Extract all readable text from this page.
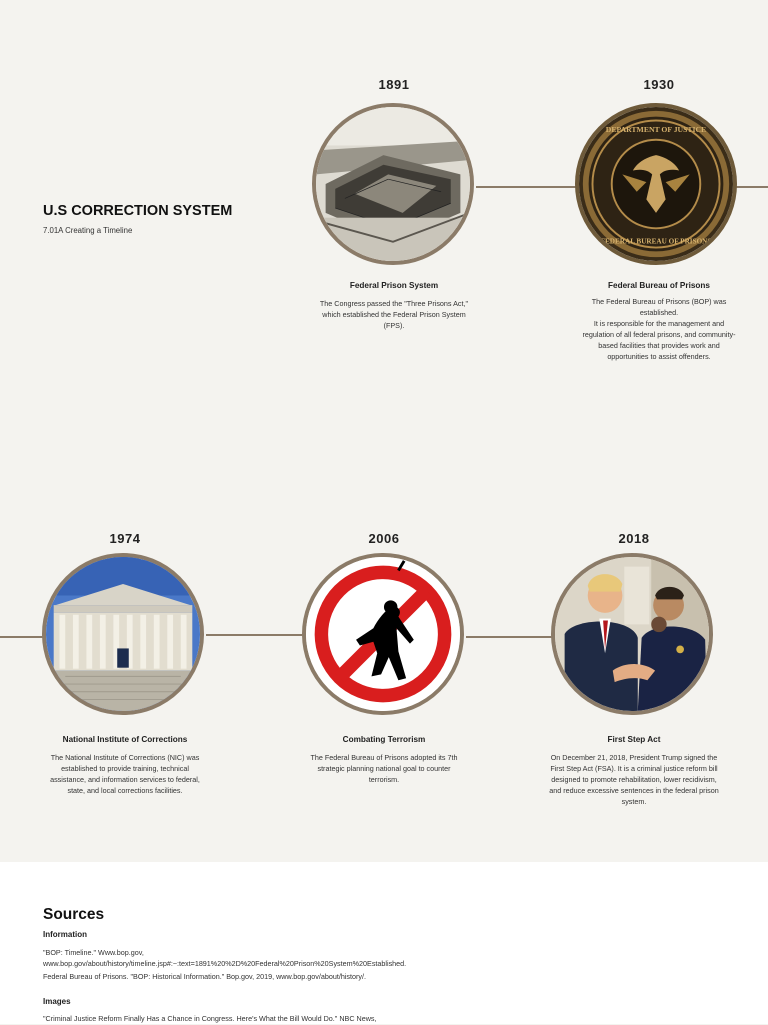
U.S CORRECTION SYSTEM
7.01A Creating a Timeline
1891
Federal Prison System
The Congress passed the "Three Prisons Act," which established the Federal Prison System (FPS).
1930
DEPARTMENT OF JUSTICE
FEDERAL BUREAU OF PRISONS
Federal Bureau of Prisons
The Federal Bureau of Prisons (BOP) was established.
It is responsible for the management and regulation of all federal prisons, and community-based facilities that provides work and opportunities to assist offenders.
1974
National Institute of Corrections
The National Institute of Corrections (NIC) was established to provide training, technical assistance, and information services to federal, state, and local corrections facilities.
2006
Combating Terrorism
The Federal Bureau of Prisons adopted its 7th strategic planning national goal to counter terrorism.
2018
First Step Act
On December 21, 2018, President Trump signed the First Step Act (FSA). It is a criminal justice reform bill designed to promote rehabilitation, lower recidivism, and reduce excessive sentences in the federal prison system.
Sources
Information
"BOP: Timeline." Www.bop.gov, www.bop.gov/about/history/timeline.jsp#:~:text=1891%20%2D%20Federal%20Prison%20System%20Established.
Federal Bureau of Prisons. "BOP: Historical Information." Bop.gov, 2019, www.bop.gov/about/history/.
Images
"Criminal Justice Reform Finally Has a Chance in Congress. Here's What the Bill Would Do." NBC News,
